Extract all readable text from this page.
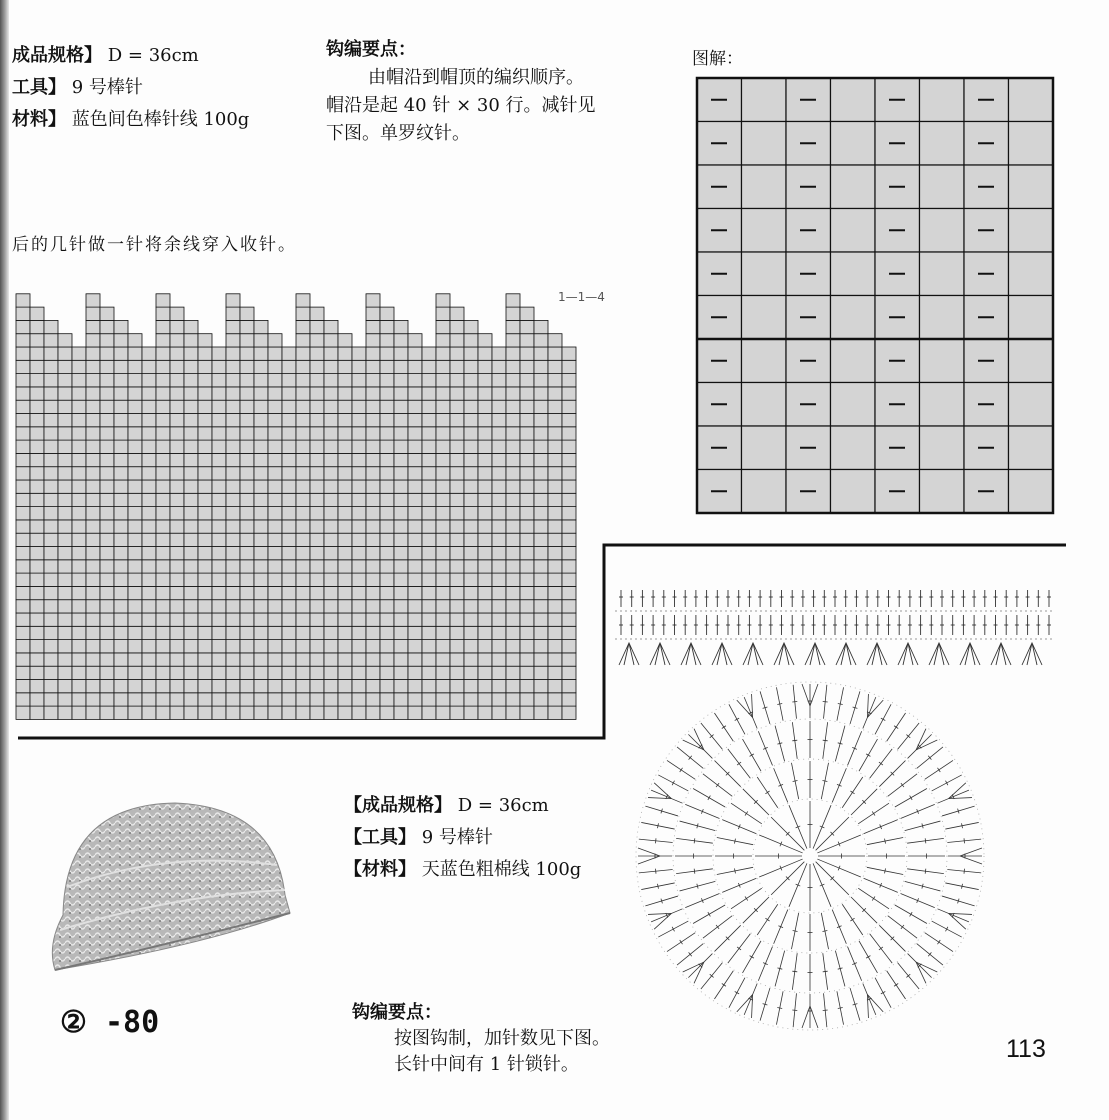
成品规格】 D = 36cm
工具】 9 号棒针
材料】 蓝色间色棒针线 100g
钩编要点：
由帽沿到帽顶的编织顺序。
帽沿是起 40 针 × 30 行。减针见
下图。单罗纹针。
图解：
后的几针做一针将余线穿入收针。
1—1—4
【成品规格】 D = 36cm
【工具】 9 号棒针
【材料】 天蓝色粗棉线 100g
② -80	钩编要点：
按图钩制，加针数见下图。
长针中间有 1 针锁针。
113
